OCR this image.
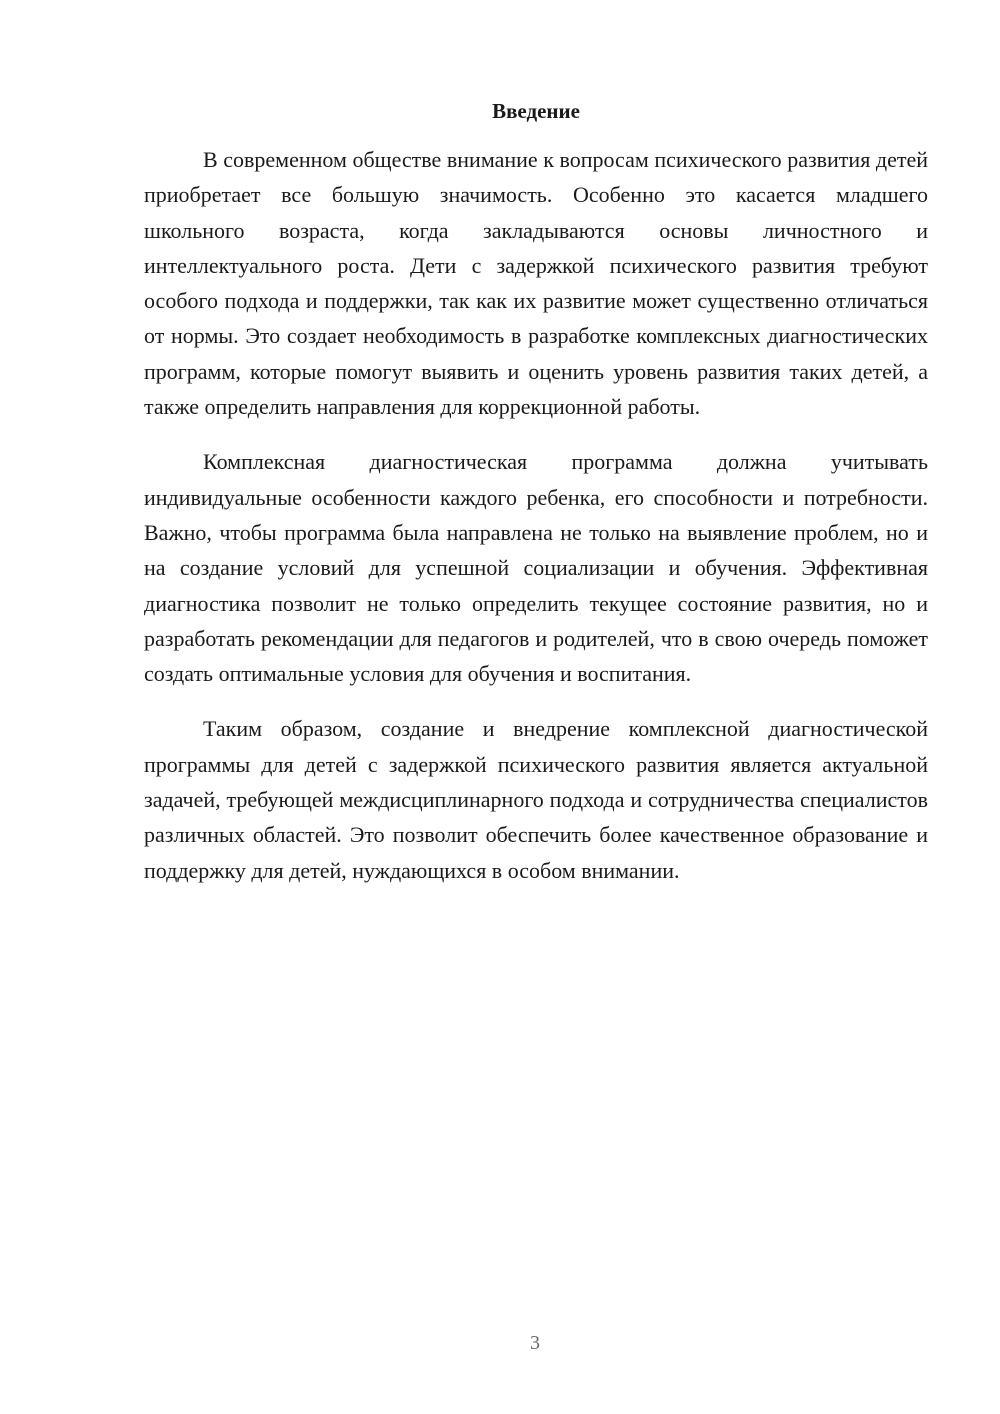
Введение

В современном обществе внимание к вопросам психического развития детей приобретает все большую значимость. Особенно это касается младшего школьного возраста, когда закладываются основы личностного и интеллектуального роста. Дети с задержкой психического развития требуют особого подхода и поддержки, так как их развитие может существенно отличаться от нормы. Это создает необходимость в разработке комплексных диагностических программ, которые помогут выявить и оценить уровень развития таких детей, а также определить направления для коррекционной работы.

Комплексная диагностическая программа должна учитывать индивидуальные особенности каждого ребенка, его способности и потребности. Важно, чтобы программа была направлена не только на выявление проблем, но и на создание условий для успешной социализации и обучения. Эффективная диагностика позволит не только определить текущее состояние развития, но и разработать рекомендации для педагогов и родителей, что в свою очередь поможет создать оптимальные условия для обучения и воспитания.

Таким образом, создание и внедрение комплексной диагностической программы для детей с задержкой психического развития является актуальной задачей, требующей междисциплинарного подхода и сотрудничества специалистов различных областей. Это позволит обеспечить более качественное образование и поддержку для детей, нуждающихся в особом внимании.

3
